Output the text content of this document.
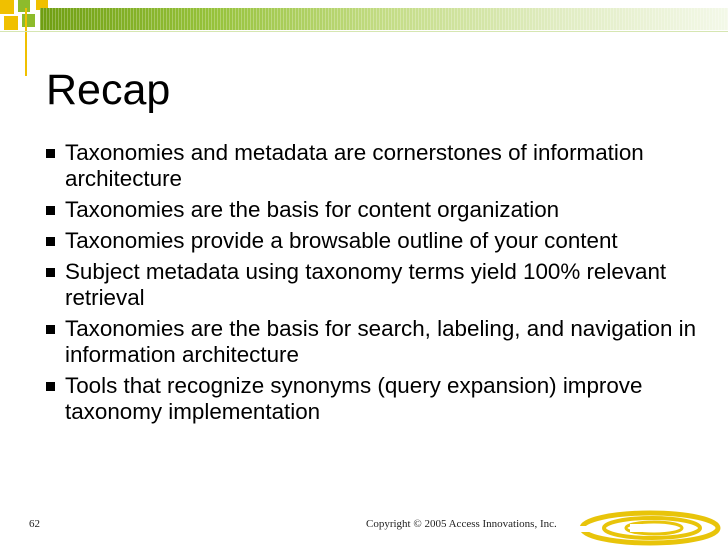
Recap
Taxonomies and metadata are cornerstones of information architecture
Taxonomies are the basis for content organization
Taxonomies provide a browsable outline of your content
Subject metadata using taxonomy terms yield 100% relevant retrieval
Taxonomies are the basis for search, labeling, and navigation in information architecture
Tools that recognize synonyms (query expansion) improve taxonomy implementation
62	Copyright © 2005 Access Innovations, Inc.
